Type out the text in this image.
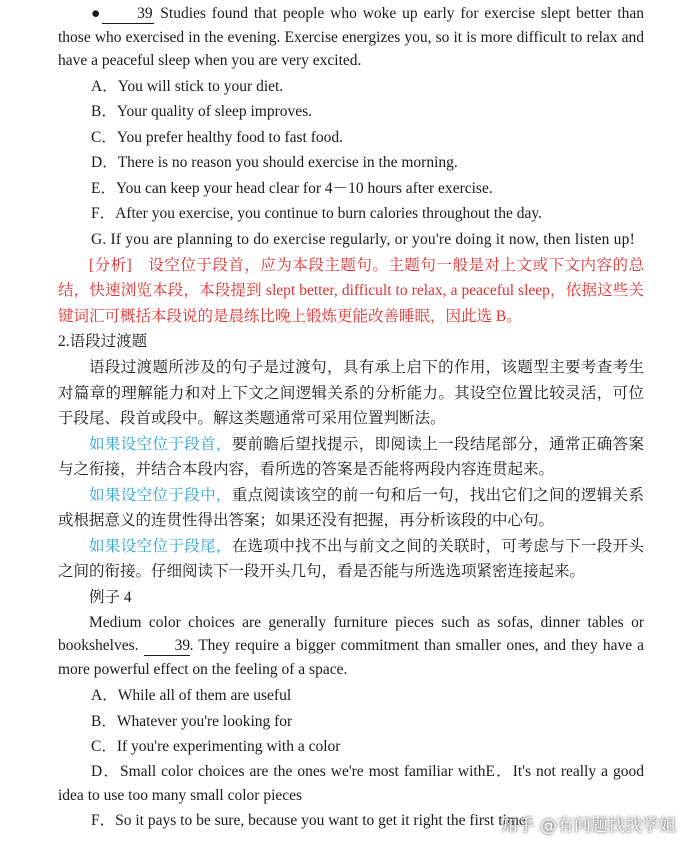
● 39 Studies found that people who woke up early for exercise slept better than those who exercised in the evening. Exercise energizes you, so it is more difficult to relax and have a peaceful sleep when you are very excited.
A．You will stick to your diet.
B．Your quality of sleep improves.
C．You prefer healthy food to fast food.
D．There is no reason you should exercise in the morning.
E．You can keep your head clear for 4－10 hours after exercise.
F．After you exercise, you continue to burn calories throughout the day.
G. If you are planning to do exercise regularly, or you're doing it now, then listen up!
[分析]　设空位于段首，应为本段主题句。主题句一般是对上文或下文内容的总结，快速浏览本段，本段提到 slept better, difficult to relax, a peaceful sleep，依据这些关键词汇可概括本段说的是晨练比晚上锻炼更能改善睡眠，因此选 B。
2.语段过渡题
语段过渡题所涉及的句子是过渡句，具有承上启下的作用，该题型主要考查考生对篇章的理解能力和对上下文之间逻辑关系的分析能力。其设空位置比较灵活，可位于段尾、段首或段中。解这类题通常可采用位置判断法。
如果设空位于段首，要前瞻后望找提示，即阅读上一段结尾部分，通常正确答案与之衔接，并结合本段内容，看所选的答案是否能将两段内容连贯起来。
如果设空位于段中，重点阅读该空的前一句和后一句，找出它们之间的逻辑关系或根据意义的连贯性得出答案；如果还没有把握，再分析该段的中心句。
如果设空位于段尾，在选项中找不出与前文之间的关联时，可考虑与下一段开头之间的衔接。仔细阅读下一段开头几句，看是否能与所选选项紧密连接起来。
例子 4
Medium color choices are generally furniture pieces such as sofas, dinner tables or bookshelves. 39. They require a bigger commitment than smaller ones, and they have a more powerful effect on the feeling of a space.
A．While all of them are useful
B．Whatever you're looking for
C．If you're experimenting with a color
D．Small color choices are the ones we're most familiar withE．It's not really a good idea to use too many small color pieces
F．So it pays to be sure, because you want to get it right the first time
知乎 @有问题找找学姐
